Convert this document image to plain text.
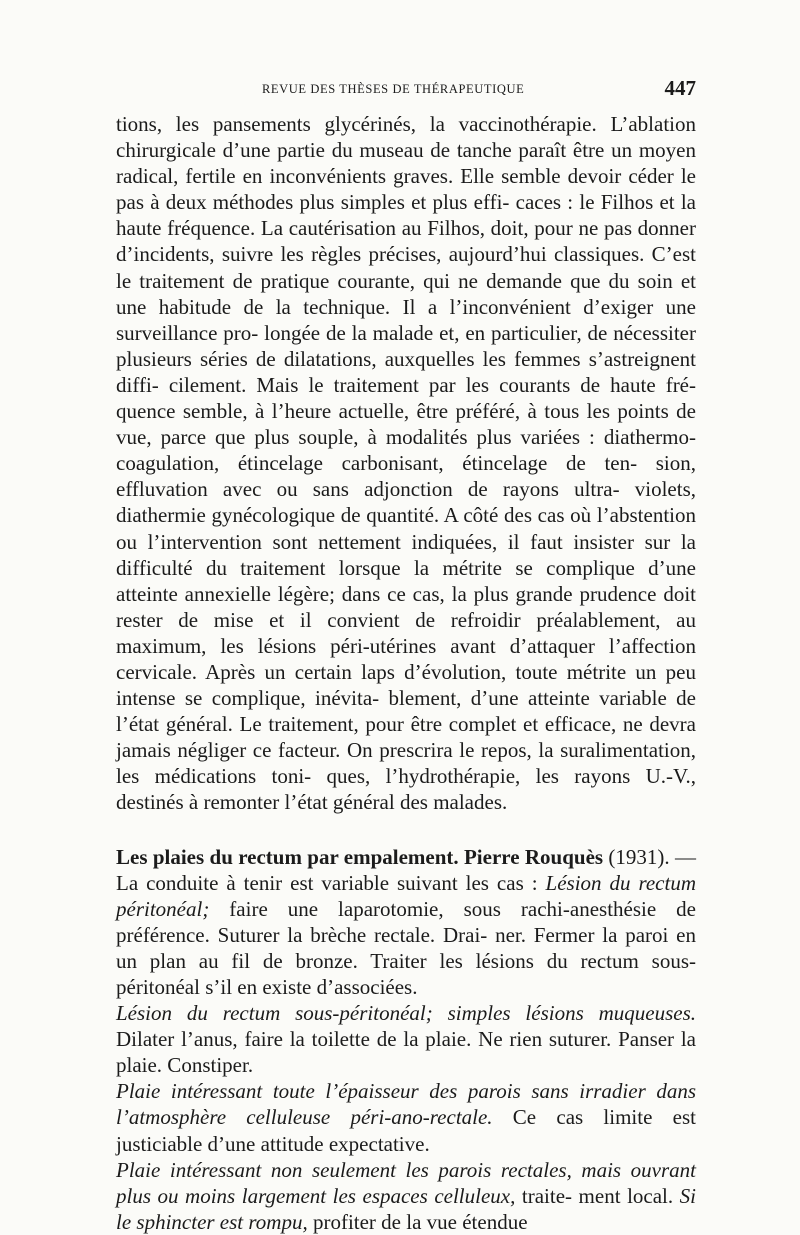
REVUE DES THÈSES DE THÉRAPEUTIQUE	447

tions, les pansements glycérinés, la vaccinothérapie. L’ablation chirurgicale d’une partie du museau de tanche paraît être un moyen radical, fertile en inconvénients graves. Elle semble devoir céder le pas à deux méthodes plus simples et plus effi- caces : le Filhos et la haute fréquence. La cautérisation au Filhos, doit, pour ne pas donner d’incidents, suivre les règles précises, aujourd’hui classiques. C’est le traitement de pratique courante, qui ne demande que du soin et une habitude de la technique. Il a l’inconvénient d’exiger une surveillance pro- longée de la malade et, en particulier, de nécessiter plusieurs séries de dilatations, auxquelles les femmes s’astreignent diffi- cilement. Mais le traitement par les courants de haute fré- quence semble, à l’heure actuelle, être préféré, à tous les points de vue, parce que plus souple, à modalités plus variées : diathermo-coagulation, étincelage carbonisant, étincelage de ten- sion, effluvation avec ou sans adjonction de rayons ultra- violets, diathermie gynécologique de quantité. A côté des cas où l’abstention ou l’intervention sont nettement indiquées, il faut insister sur la difficulté du traitement lorsque la métrite se complique d’une atteinte annexielle légère; dans ce cas, la plus grande prudence doit rester de mise et il convient de refroidir préalablement, au maximum, les lésions péri-utérines avant d’attaquer l’affection cervicale. Après un certain laps d’évolution, toute métrite un peu intense se complique, inévita- blement, d’une atteinte variable de l’état général. Le traitement, pour être complet et efficace, ne devra jamais négliger ce facteur. On prescrira le repos, la suralimentation, les médications toni- ques, l’hydrothérapie, les rayons U.-V., destinés à remonter l’état général des malades.

Les plaies du rectum par empalement. Pierre Rouquès (1931). — La conduite à tenir est variable suivant les cas : Lésion du rectum péritonéal; faire une laparotomie, sous rachi-anesthésie de préférence. Suturer la brèche rectale. Drai- ner. Fermer la paroi en un plan au fil de bronze. Traiter les lésions du rectum sous-péritonéal s’il en existe d’associées.

Lésion du rectum sous-péritonéal; simples lésions muqueuses. Dilater l’anus, faire la toilette de la plaie. Ne rien suturer. Panser la plaie. Constiper.

Plaie intéressant toute l’épaisseur des parois sans irradier dans l’atmosphère celluleuse péri-ano-rectale. Ce cas limite est justiciable d’une attitude expectative.

Plaie intéressant non seulement les parois rectales, mais ouvrant plus ou moins largement les espaces celluleux, traite- ment local. Si le sphincter est rompu, profiter de la vue étendue
